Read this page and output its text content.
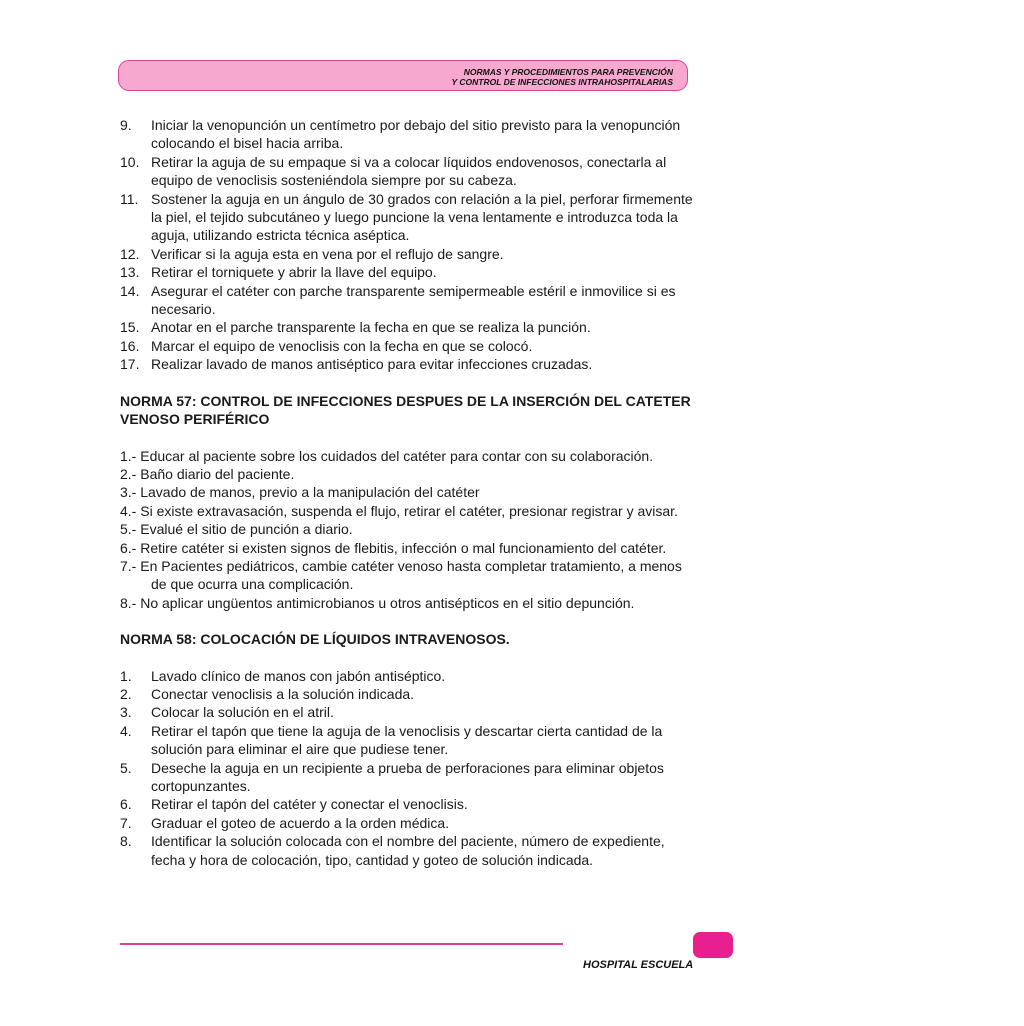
NORMAS Y PROCEDIMIENTOS PARA PREVENCIÓN
Y CONTROL DE INFECCIONES INTRAHOSPITALARIAS
9.	Iniciar la venopunción un centímetro por debajo del sitio previsto para la venopunción colocando el bisel hacia arriba.
10. Retirar la aguja de su empaque si va a colocar líquidos endovenosos, conectarla al equipo de venoclisis sosteniéndola siempre por su cabeza.
11. Sostener la aguja en un ángulo de 30 grados con relación a la piel, perforar firmemente la piel, el tejido subcutáneo y luego puncione la vena lentamente e introduzca toda la aguja, utilizando estricta técnica aséptica.
12. Verificar si la aguja esta en vena por el reflujo de sangre.
13. Retirar el torniquete y abrir la llave del equipo.
14. Asegurar el catéter con parche transparente semipermeable estéril e inmovilice si es necesario.
15. Anotar en el parche transparente la fecha en que se realiza la punción.
16. Marcar el equipo de venoclisis con la fecha en que se colocó.
17. Realizar lavado de manos antiséptico para evitar infecciones cruzadas.
NORMA 57: CONTROL DE INFECCIONES DESPUES DE LA INSERCIÓN DEL CATETER VENOSO PERIFÉRICO
1.- Educar al paciente sobre los cuidados del catéter para contar con su colaboración.
2.- Baño diario del paciente.
3.- Lavado de manos, previo a la manipulación del catéter
4.- Si existe extravasación, suspenda el flujo, retirar el catéter, presionar registrar y avisar.
5.- Evalué el sitio de punción a diario.
6.- Retire catéter si existen signos de flebitis, infección o mal funcionamiento del catéter.
7.- En Pacientes pediátricos, cambie catéter venoso hasta completar tratamiento, a menos de que ocurra una complicación.
8.- No aplicar ungüentos antimicrobianos u otros antisépticos en el sitio depunción.
NORMA 58: COLOCACIÓN DE LÍQUIDOS INTRAVENOSOS.
1.	Lavado clínico de manos con jabón antiséptico.
2.	Conectar venoclisis a la solución indicada.
3.	Colocar la solución en el atril.
4.	Retirar el tapón que tiene la aguja de la venoclisis y descartar cierta cantidad de la solución para eliminar el aire que pudiese tener.
5.	Deseche la aguja en un recipiente a prueba de perforaciones para eliminar objetos cortopunzantes.
6.	Retirar el tapón del catéter y conectar el venoclisis.
7.	Graduar el goteo de acuerdo a la orden médica.
8.	Identificar la solución colocada con el nombre del paciente, número de expediente, fecha y hora de colocación, tipo, cantidad y goteo de solución indicada.
HOSPITAL ESCUELA
